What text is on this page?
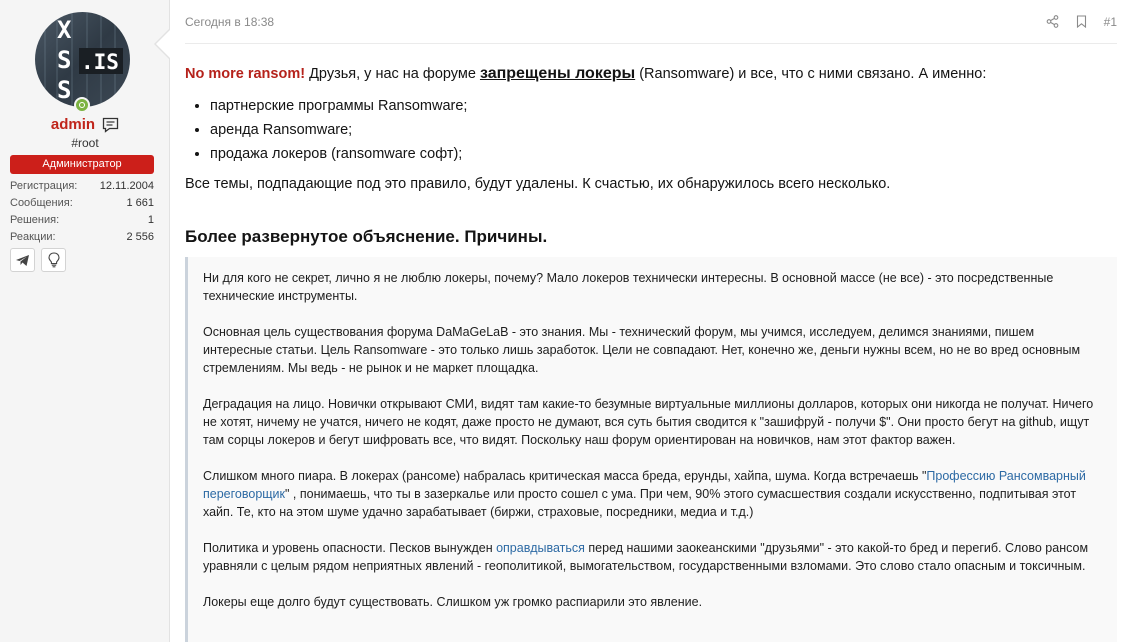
X
S
S
.IS
admin
#root
Администратор
Регистрация: 12.11.2004
Сообщения:	1 661
Решения:	1
Реакции:	2 556
Сегодня в 18:38	#1
No more ransom! Друзья, у нас на форуме запрещены локеры (Ransomware) и все, что с ними связано. А именно:
• партнерские программы Ransomware;
• аренда Ransomware;
• продажа локеров (ransomware софт);
Все темы, подпадающие под это правило, будут удалены. К счастью, их обнаружилось всего несколько.
Более развернутое объяснение. Причины.

Ни для кого не секрет, лично я не люблю локеры, почему? Мало локеров технически интересны. В основной массе (не все) - это посредственные технические инструменты.

Основная цель существования форума DaMaGeLaB - это знания. Мы - технический форум, мы учимся, исследуем, делимся знаниями, пишем интересные статьи. Цель Ransomware - это только лишь заработок. Цели не совпадают. Нет, конечно же, деньги нужны всем, но не во вред основным стремлениям. Мы ведь - не рынок и не маркет площадка.

Деградация на лицо. Новички открывают СМИ, видят там какие-то безумные виртуальные миллионы долларов, которых они никогда не получат. Ничего не хотят, ничему не учатся, ничего не кодят, даже просто не думают, вся суть бытия сводится к "зашифруй - получи $". Они просто бегут на github, ищут там сорцы локеров и бегут шифровать все, что видят. Поскольку наш форум ориентирован на новичков, нам этот фактор важен.

Слишком много пиара. В локерах (рансоме) набралась критическая масса бреда, ерунды, хайпа, шума. Когда встречаешь "Профессию Рансомварный переговорщик" , понимаешь, что ты в зазеркалье или просто сошел с ума. При чем, 90% этого сумасшествия создали искусственно, подпитывая этот хайп. Те, кто на этом шуме удачно зарабатывает (биржи, страховые, посредники, медиа и т.д.)

Политика и уровень опасности. Песков вынужден оправдываться перед нашими заокеанскими "друзьями" - это какой-то бред и перегиб. Слово рансом уравняли с целым рядом неприятных явлений - геополитикой, вымогательством, государственными взломами. Это слово стало опасным и токсичным.

Локеры еще долго будут существовать. Слишком уж громко распиарили это явление.
